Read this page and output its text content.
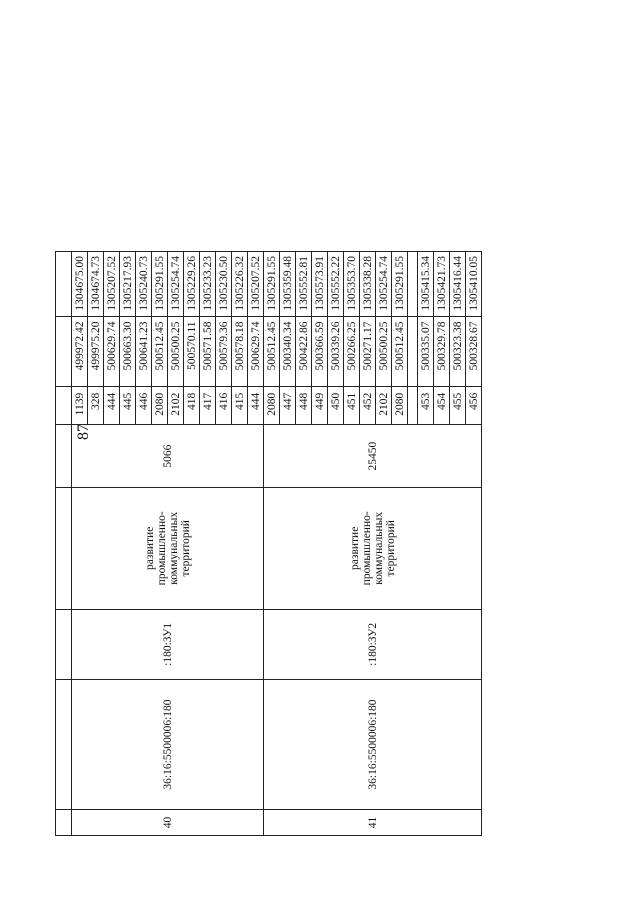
87

40	36:16:5500006:180	:180:ЗУ1	развитие промышленно-коммунальных территорий	5066	1139	499972.42	1304675.00
					328	499975.20	1304674.73
					444	500629.74	1305207.52
					445	500663.30	1305217.93
					446	500641.23	1305240.73
					2080	500512.45	1305291.55
					2102	500500.25	1305254.74
					418	500570.11	1305229.26
					417	500571.58	1305233.23
					416	500579.36	1305230.50
					415	500578.18	1305226.32
					444	500629.74	1305207.52
41	36:16:5500006:180	:180:ЗУ2	развитие промышленно-коммунальных территорий	25450	2080	500512.45	1305291.55
					447	500340.34	1305359.48
					448	500422.86	1305552.81
					449	500366.59	1305573.91
					450	500339.26	1305552.22
					451	500266.25	1305353.70
					452	500271.17	1305338.28
					2102	500500.25	1305254.74
					2080	500512.45	1305291.55

					453	500335.07	1305415.34
					454	500329.78	1305421.73
					455	500323.38	1305416.44
					456	500328.67	1305410.05
